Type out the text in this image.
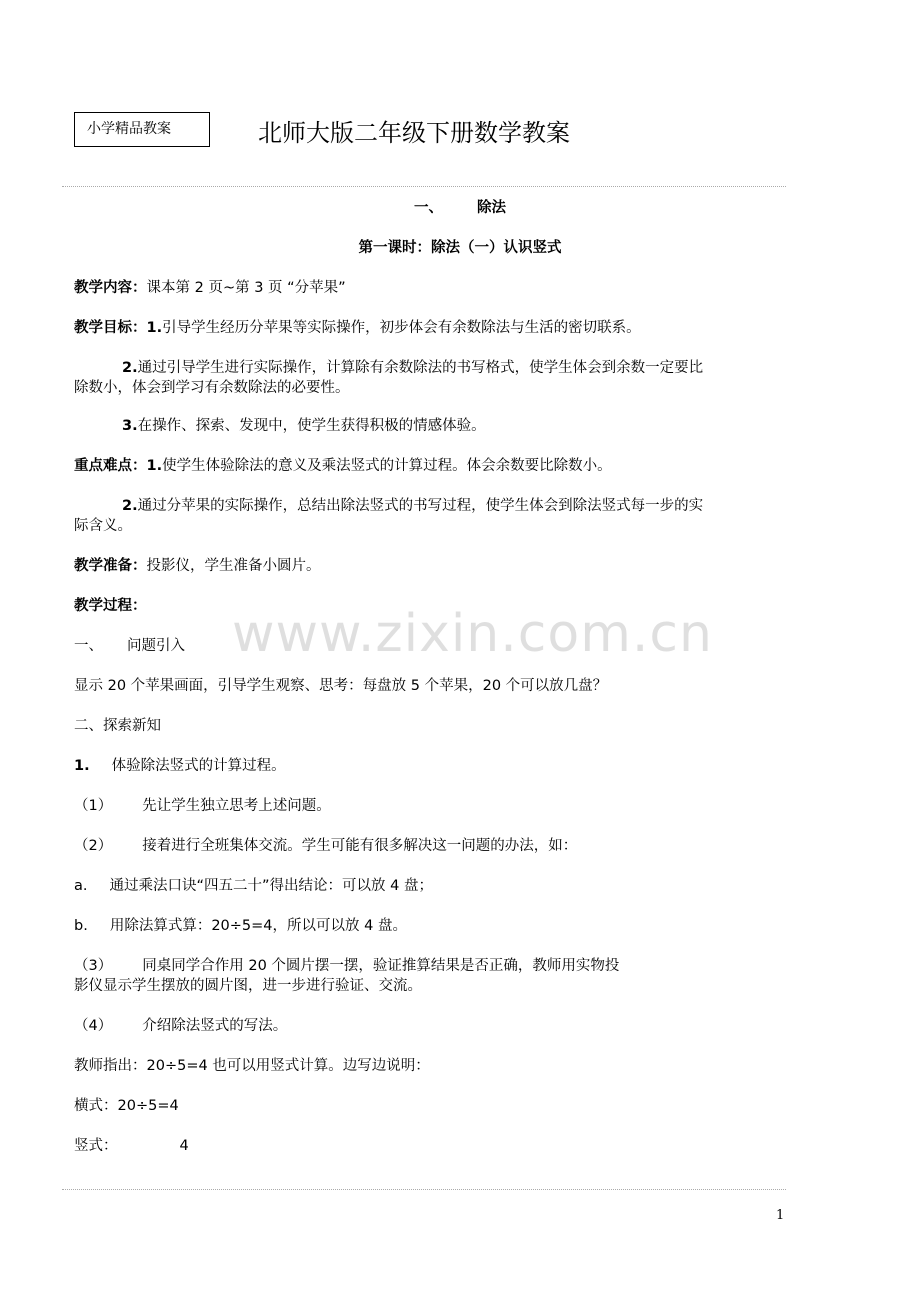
小学精品教案	北师大版二年级下册数学教案
一、 除法
第一课时：除法（一）认识竖式
教学内容：课本第 2 页~第 3 页 “分苹果”
教学目标：1.引导学生经历分苹果等实际操作，初步体会有余数除法与生活的密切联系。
2.通过引导学生进行实际操作，计算除有余数除法的书写格式，使学生体会到余数一定要比
除数小，体会到学习有余数除法的必要性。
3.在操作、探索、发现中，使学生获得积极的情感体验。
重点难点：1.使学生体验除法的意义及乘法竖式的计算过程。体会余数要比除数小。
2.通过分苹果的实际操作，总结出除法竖式的书写过程，使学生体会到除法竖式每一步的实
际含义。
教学准备：投影仪，学生准备小圆片。
教学过程：
一、 问题引入
显示 20 个苹果画面，引导学生观察、思考：每盘放 5 个苹果，20 个可以放几盘？
二、探索新知
1. 体验除法竖式的计算过程。
（1） 先让学生独立思考上述问题。
（2） 接着进行全班集体交流。学生可能有很多解决这一问题的办法，如：
a. 通过乘法口诀“四五二十”得出结论：可以放 4 盘；
b. 用除法算式算：20÷5=4，所以可以放 4 盘。
（3） 同桌同学合作用 20 个圆片摆一摆，验证推算结果是否正确，教师用实物投
影仪显示学生摆放的圆片图，进一步进行验证、交流。
（4） 介绍除法竖式的写法。
教师指出：20÷5=4 也可以用竖式计算。边写边说明：
横式：20÷5=4
竖式：	4
www.zixin.com.cn
1
